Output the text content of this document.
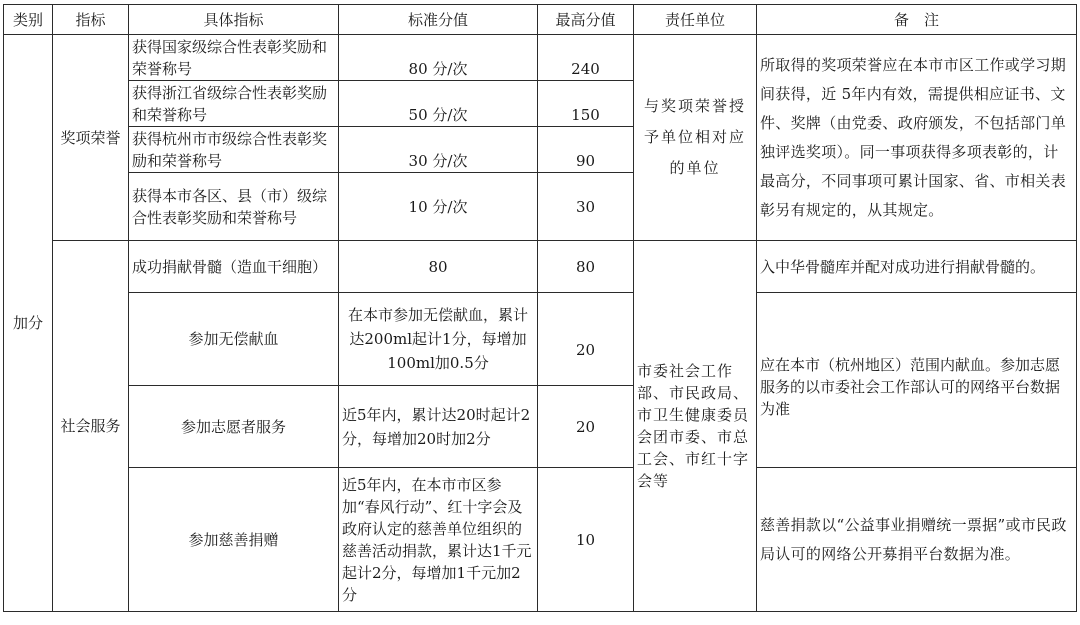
类别	指标	具体指标	标准分值	最高分值	责任单位	备　注
加分	奖项荣誉	获得国家级综合性表彰奖励和荣誉称号	80 分/次	240	与奖项荣誉授予单位相对应的单位	所取得的奖项荣誉应在本市市区工作或学习期间获得，近 5年内有效，需提供相应证书、文件、奖牌（由党委、政府颁发，不包括部门单独评选奖项）。同一事项获得多项表彰的，计最高分，不同事项可累计国家、省、市相关表彰另有规定的，从其规定。
		获得浙江省级综合性表彰奖励和荣誉称号	50 分/次	150		
		获得杭州市市级综合性表彰奖励和荣誉称号	30 分/次	90		
		获得本市各区、县（市）级综合性表彰奖励和荣誉称号	10 分/次	30		
	社会服务	成功捐献骨髓（造血干细胞）	80	80	市委社会工作部、市民政局、市卫生健康委员会团市委、市总工会、市红十字会等	入中华骨髓库并配对成功进行捐献骨髓的。
		参加无偿献血	在本市参加无偿献血，累计达200ml起计1分，每增加100ml加0.5分	20		应在本市（杭州地区）范围内献血。参加志愿服务的以市委社会工作部认可的网络平台数据为准
		参加志愿者服务	近5年内，累计达20时起计2分，每增加20时加2分	20		
		参加慈善捐赠	近5年内，在本市市区参加“春风行动”、红十字会及政府认定的慈善单位组织的慈善活动捐款，累计达1千元起计2分，每增加1千元加2分	10		慈善捐款以“公益事业捐赠统一票据”或市民政局认可的网络公开募捐平台数据为准。
